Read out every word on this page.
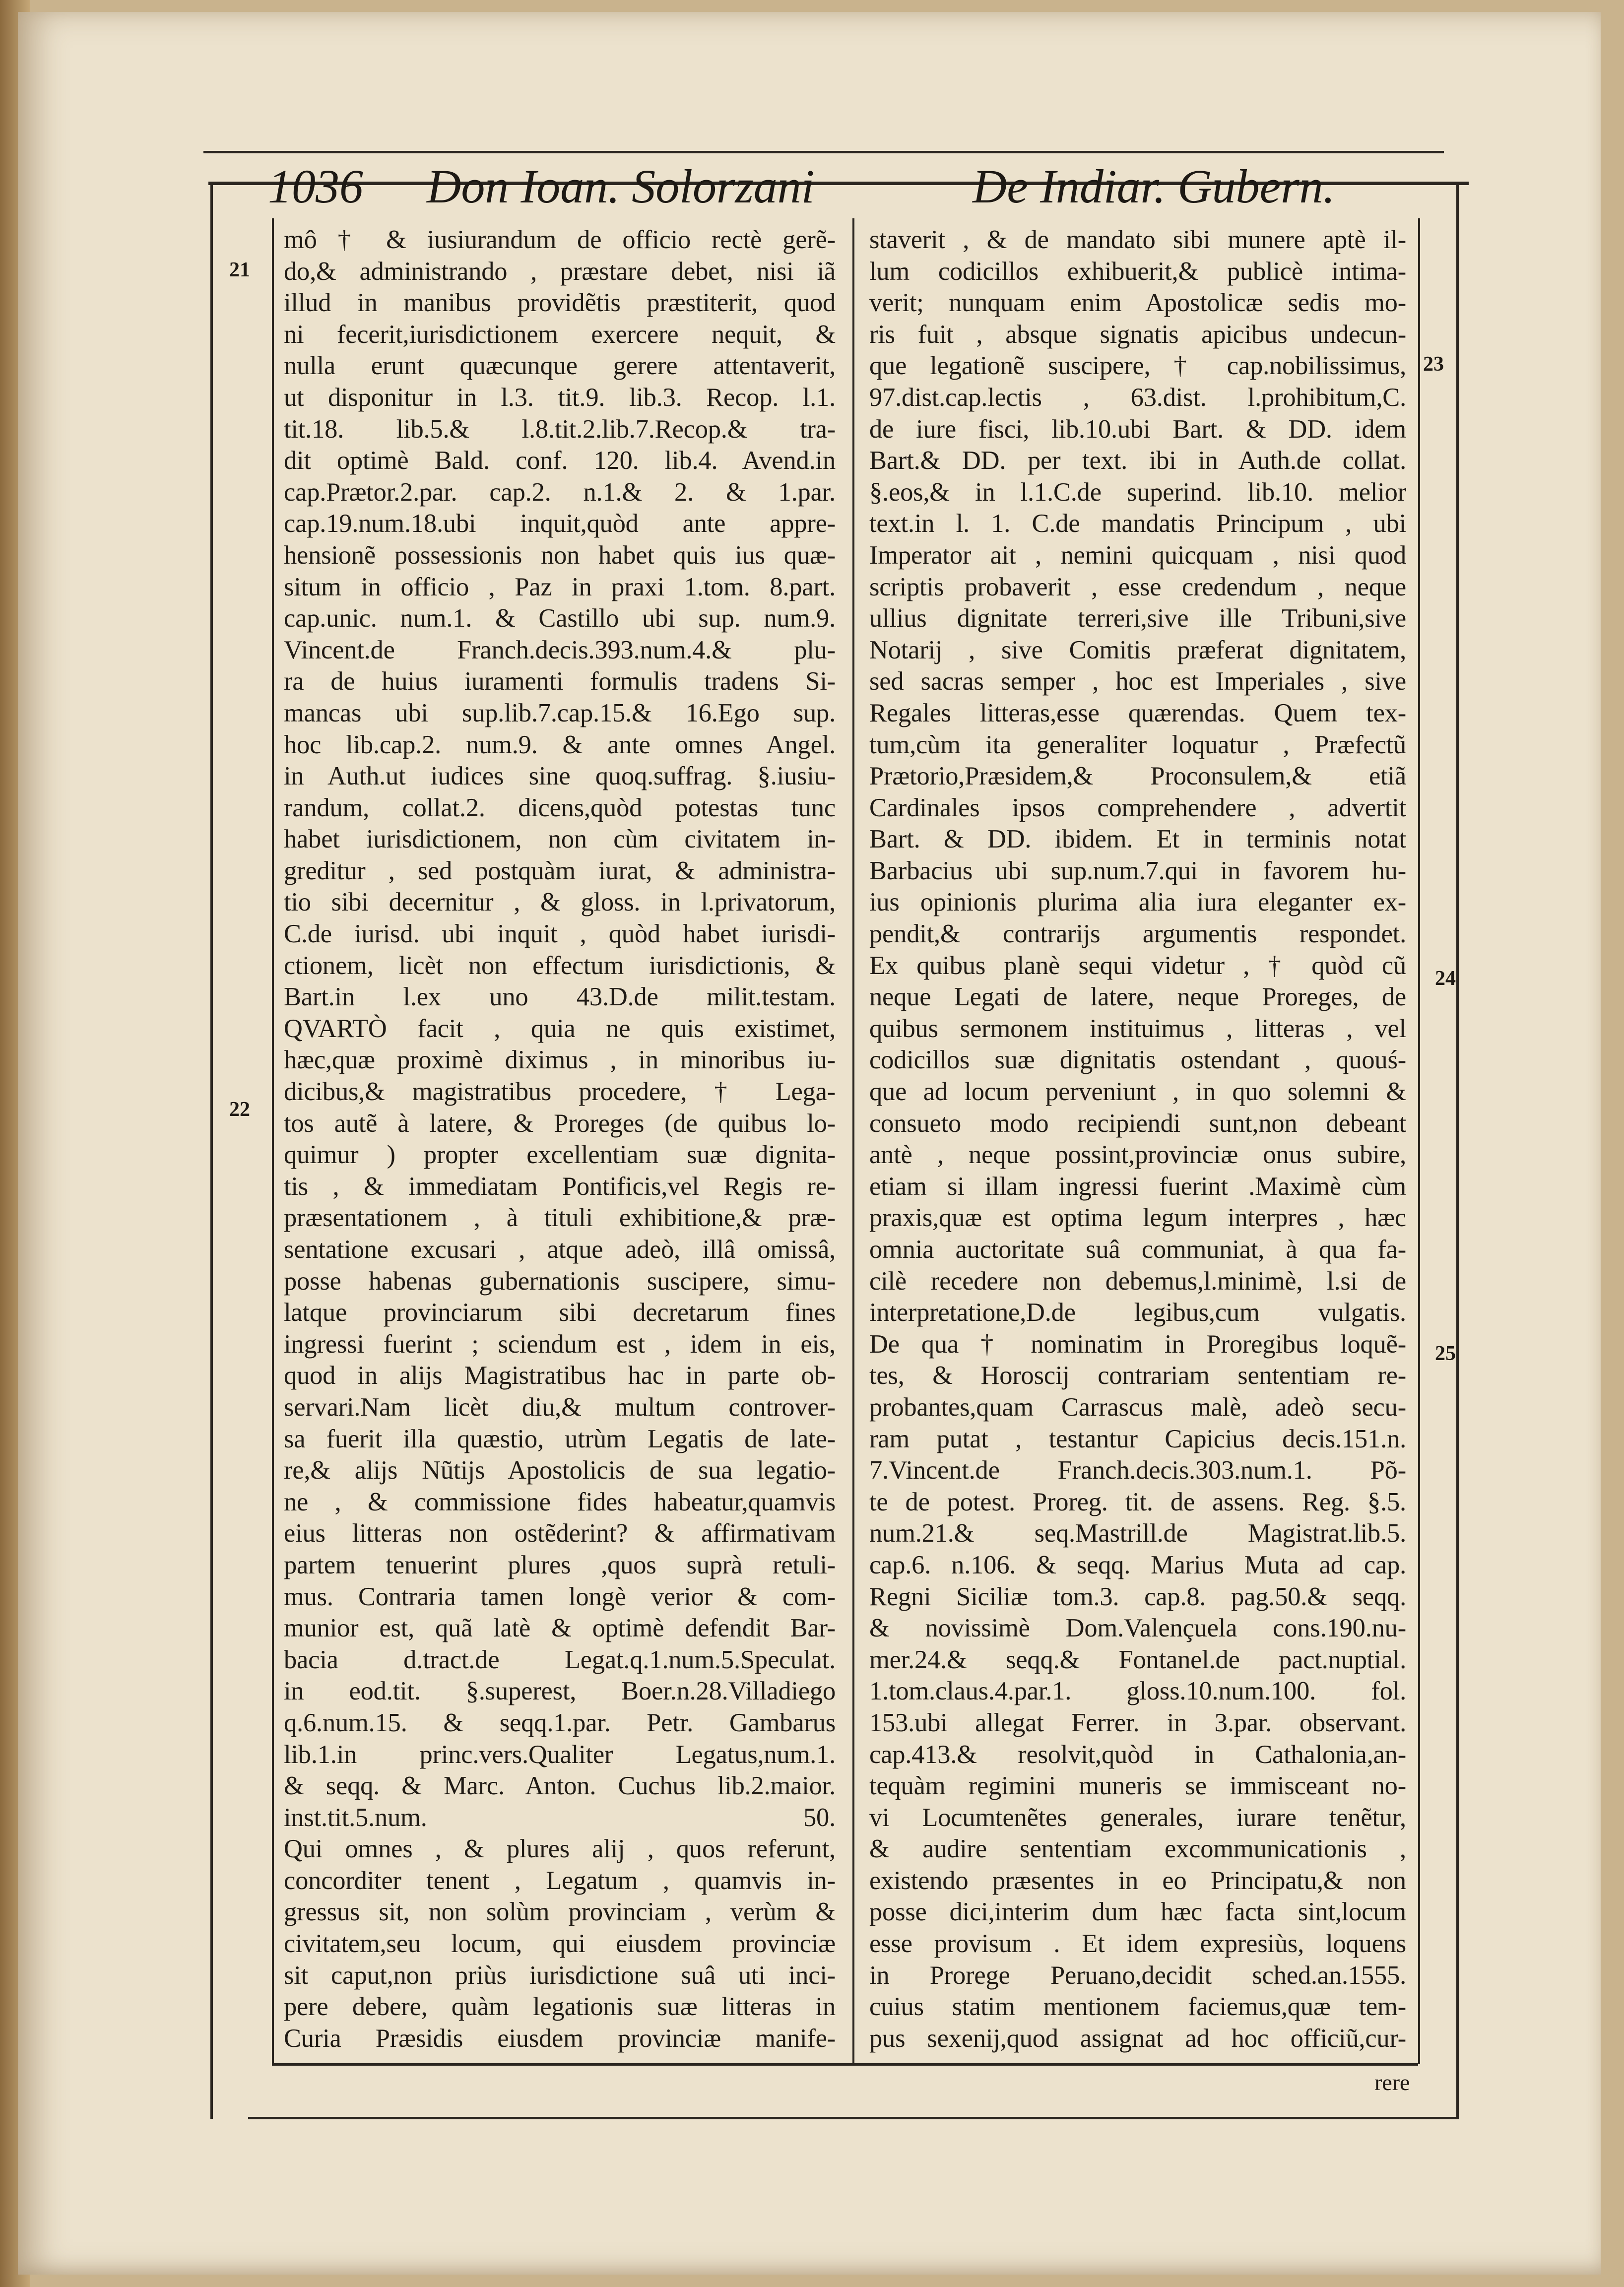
1036 Don Ioan. Solorzani	De Indiar. Gubern.
21
22
23
24
25
mô † & iusiurandum de officio rectè gerẽ-
do,& administrando , præstare debet, nisi iã
illud in manibus providẽtis præstiterit, quod
ni fecerit,iurisdictionem exercere nequit, &
nulla erunt quæcunque gerere attentaverit,
ut disponitur in l.3. tit.9. lib.3. Recop. l.1.
tit.18. lib.5.& l.8.tit.2.lib.7.Recop.& tra-
dit optimè Bald. conf. 120. lib.4. Avend.in
cap.Prætor.2.par. cap.2. n.1.& 2. & 1.par.
cap.19.num.18.ubi inquit,quòd ante appre-
hensionẽ possessionis non habet quis ius quæ-
situm in officio , Paz in praxi 1.tom. 8.part.
cap.unic. num.1. & Castillo ubi sup. num.9.
Vincent.de Franch.decis.393.num.4.& plu-
ra de huius iuramenti formulis tradens Si-
mancas ubi sup.lib.7.cap.15.& 16.Ego sup.
hoc lib.cap.2. num.9. & ante omnes Angel.
in Auth.ut iudices sine quoq.suffrag. §.iusiu-
randum, collat.2. dicens,quòd potestas tunc
habet iurisdictionem, non cùm civitatem in-
greditur , sed postquàm iurat, & administra-
tio sibi decernitur , & gloss. in l.privatorum,
C.de iurisd. ubi inquit , quòd habet iurisdi-
ctionem, licèt non effectum iurisdictionis, &
Bart.in l.ex uno 43.D.de milit.testam.
QVARTÒ facit , quia ne quis existimet,
hæc,quæ proximè diximus , in minoribus iu-
dicibus,& magistratibus procedere, † Lega-
tos autẽ à latere, & Proreges (de quibus lo-
quimur ) propter excellentiam suæ dignita-
tis , & immediatam Pontificis,vel Regis re-
præsentationem , à tituli exhibitione,& præ-
sentatione excusari , atque adeò, illâ omissâ,
posse habenas gubernationis suscipere, simu-
latque provinciarum sibi decretarum fines
ingressi fuerint ; sciendum est , idem in eis,
quod in alijs Magistratibus hac in parte ob-
servari.Nam licèt diu,& multum controver-
sa fuerit illa quæstio, utrùm Legatis de late-
re,& alijs Nũtijs Apostolicis de sua legatio-
ne , & commissione fides habeatur,quamvis
eius litteras non ostẽderint? & affirmativam
partem tenuerint plures ,quos suprà retuli-
mus. Contraria tamen longè verior & com-
munior est, quã latè & optimè defendit Bar-
bacia d.tract.de Legat.q.1.num.5.Speculat.
in eod.tit. §.superest, Boer.n.28.Villadiego
q.6.num.15. & seqq.1.par. Petr. Gambarus
lib.1.in princ.vers.Qualiter Legatus,num.1.
& seqq. & Marc. Anton. Cuchus lib.2.maior.
inst.tit.5.num. 50.
Qui omnes , & plures alij , quos referunt,
concorditer tenent , Legatum , quamvis in-
gressus sit, non solùm provinciam , verùm &
civitatem,seu locum, qui eiusdem provinciæ
sit caput,non priùs iurisdictione suâ uti inci-
pere debere, quàm legationis suæ litteras in
Curia Præsidis eiusdem provinciæ manife-
staverit , & de mandato sibi munere aptè il-
lum codicillos exhibuerit,& publicè intima-
verit; nunquam enim Apostolicæ sedis mo-
ris fuit , absque signatis apicibus undecun-
que legationẽ suscipere, † cap.nobilissimus,
97.dist.cap.lectis , 63.dist. l.prohibitum,C.
de iure fisci, lib.10.ubi Bart. & DD. idem
Bart.& DD. per text. ibi in Auth.de collat.
§.eos,& in l.1.C.de superind. lib.10. melior
text.in l. 1. C.de mandatis Principum , ubi
Imperator ait , nemini quicquam , nisi quod
scriptis probaverit , esse credendum , neque
ullius dignitate terreri,sive ille Tribuni,sive
Notarij , sive Comitis præferat dignitatem,
sed sacras semper , hoc est Imperiales , sive
Regales litteras,esse quærendas. Quem tex-
tum,cùm ita generaliter loquatur , Præfectũ
Prætorio,Præsidem,& Proconsulem,& etiã
Cardinales ipsos comprehendere , advertit
Bart. & DD. ibidem. Et in terminis notat
Barbacius ubi sup.num.7.qui in favorem hu-
ius opinionis plurima alia iura eleganter ex-
pendit,& contrarijs argumentis respondet.
Ex quibus planè sequi videtur , † quòd cũ
neque Legati de latere, neque Proreges, de
quibus sermonem instituimus , litteras , vel
codicillos suæ dignitatis ostendant , quouś-
que ad locum perveniunt , in quo solemni &
consueto modo recipiendi sunt,non debeant
antè , neque possint,provinciæ onus subire,
etiam si illam ingressi fuerint .Maximè cùm
praxis,quæ est optima legum interpres , hæc
omnia auctoritate suâ communiat, à qua fa-
cilè recedere non debemus,l.minimè, l.si de
interpretatione,D.de legibus,cum vulgatis.
De qua † nominatim in Proregibus loquẽ-
tes, & Horoscij contrariam sententiam re-
probantes,quam Carrascus malè, adeò secu-
ram putat , testantur Capicius decis.151.n.
7.Vincent.de Franch.decis.303.num.1. Põ-
te de potest. Proreg. tit. de assens. Reg. §.5.
num.21.& seq.Mastrill.de Magistrat.lib.5.
cap.6. n.106. & seqq. Marius Muta ad cap.
Regni Siciliæ tom.3. cap.8. pag.50.& seqq.
& novissimè Dom.Valençuela cons.190.nu-
mer.24.& seqq.& Fontanel.de pact.nuptial.
1.tom.claus.4.par.1. gloss.10.num.100. fol.
153.ubi allegat Ferrer. in 3.par. observant.
cap.413.& resolvit,quòd in Cathalonia,an-
tequàm regimini muneris se immisceant no-
vi Locumtenẽtes generales, iurare tenẽtur,
& audire sententiam excommunicationis ,
existendo præsentes in eo Principatu,& non
posse dici,interim dum hæc facta sint,locum
esse provisum . Et idem expresiùs, loquens
in Prorege Peruano,decidit sched.an.1555.
cuius statim mentionem faciemus,quæ tem-
pus sexenij,quod assignat ad hoc officiũ,cur-
rere
